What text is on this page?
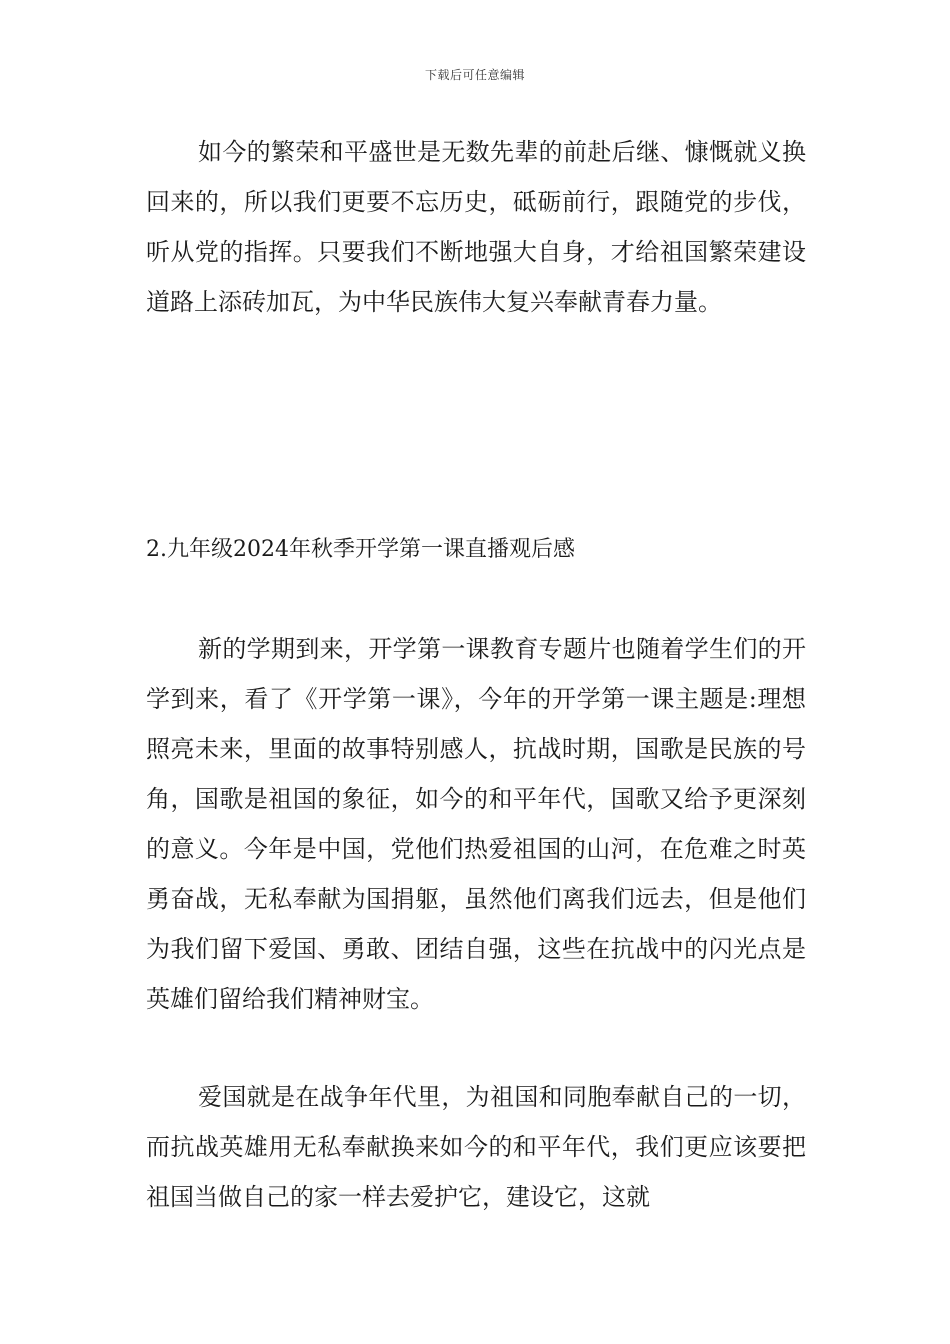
下载后可任意编辑

如今的繁荣和平盛世是无数先辈的前赴后继、慷慨就义换回来的，所以我们更要不忘历史，砥砺前行，跟随党的步伐，听从党的指挥。只要我们不断地强大自身，才给祖国繁荣建设道路上添砖加瓦，为中华民族伟大复兴奉献青春力量。

2.九年级2024年秋季开学第一课直播观后感

新的学期到来，开学第一课教育专题片也随着学生们的开学到来，看了《开学第一课》，今年的开学第一课主题是:理想照亮未来，里面的故事特别感人，抗战时期，国歌是民族的号角，国歌是祖国的象征，如今的和平年代，国歌又给予更深刻的意义。今年是中国，党他们热爱祖国的山河，在危难之时英勇奋战，无私奉献为国捐躯，虽然他们离我们远去，但是他们为我们留下爱国、勇敢、团结自强，这些在抗战中的闪光点是英雄们留给我们精神财宝。

爱国就是在战争年代里，为祖国和同胞奉献自己的一切，而抗战英雄用无私奉献换来如今的和平年代，我们更应该要把祖国当做自己的家一样去爱护它，建设它，这就
